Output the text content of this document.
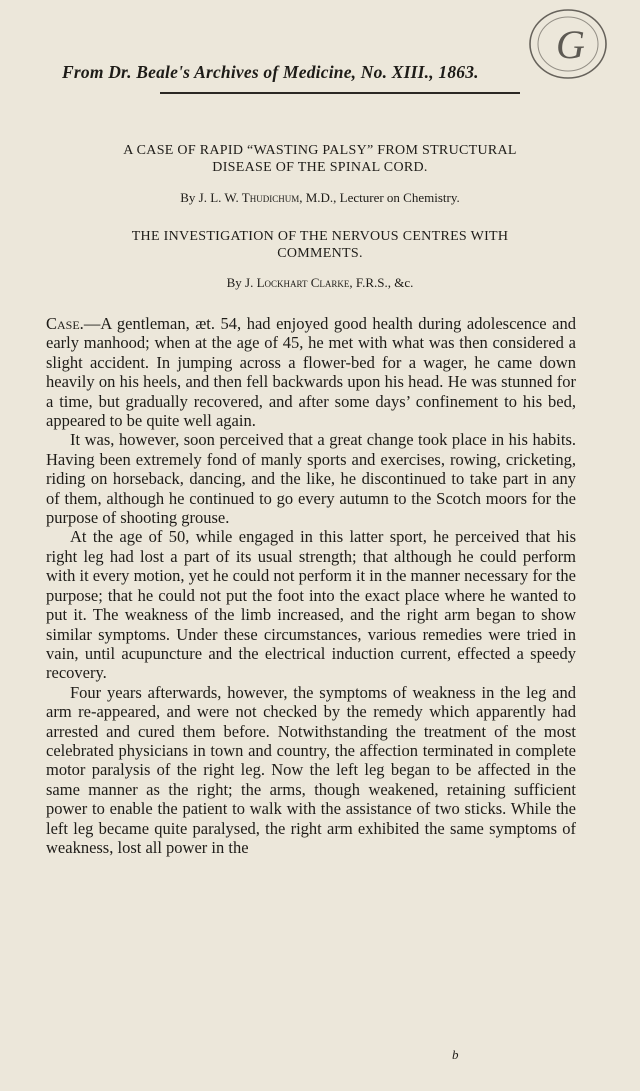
From Dr. Beale's Archives of Medicine, No. XIII., 1863.
G
A CASE OF RAPID “WASTING PALSY” FROM STRUCTURAL
DISEASE OF THE SPINAL CORD.
By J. L. W. Thudichum, M.D., Lecturer on Chemistry.
THE INVESTIGATION OF THE NERVOUS CENTRES WITH
COMMENTS.
By J. Lockhart Clarke, F.R.S., &c.

Case.—A gentleman, æt. 54, had enjoyed good health during adolescence and early manhood; when at the age of 45, he met with what was then considered a slight accident. In jumping across a flower-bed for a wager, he came down heavily on his heels, and then fell backwards upon his head. He was stunned for a time, but gradually recovered, and after some days’ confinement to his bed, appeared to be quite well again.

It was, however, soon perceived that a great change took place in his habits. Having been extremely fond of manly sports and exercises, rowing, cricketing, riding on horseback, dancing, and the like, he discontinued to take part in any of them, although he continued to go every autumn to the Scotch moors for the purpose of shooting grouse.

At the age of 50, while engaged in this latter sport, he perceived that his right leg had lost a part of its usual strength; that although he could perform with it every motion, yet he could not perform it in the manner necessary for the purpose; that he could not put the foot into the exact place where he wanted to put it. The weakness of the limb increased, and the right arm began to show similar symptoms. Under these circumstances, various remedies were tried in vain, until acupuncture and the electrical induction current, effected a speedy recovery.

Four years afterwards, however, the symptoms of weakness in the leg and arm re-appeared, and were not checked by the remedy which apparently had arrested and cured them before. Notwithstanding the treatment of the most celebrated physicians in town and country, the affection terminated in complete motor paralysis of the right leg. Now the left leg began to be affected in the same manner as the right; the arms, though weakened, retaining sufficient power to enable the patient to walk with the assistance of two sticks. While the left leg became quite paralysed, the right arm exhibited the same symptoms of weakness, lost all power in the

b
